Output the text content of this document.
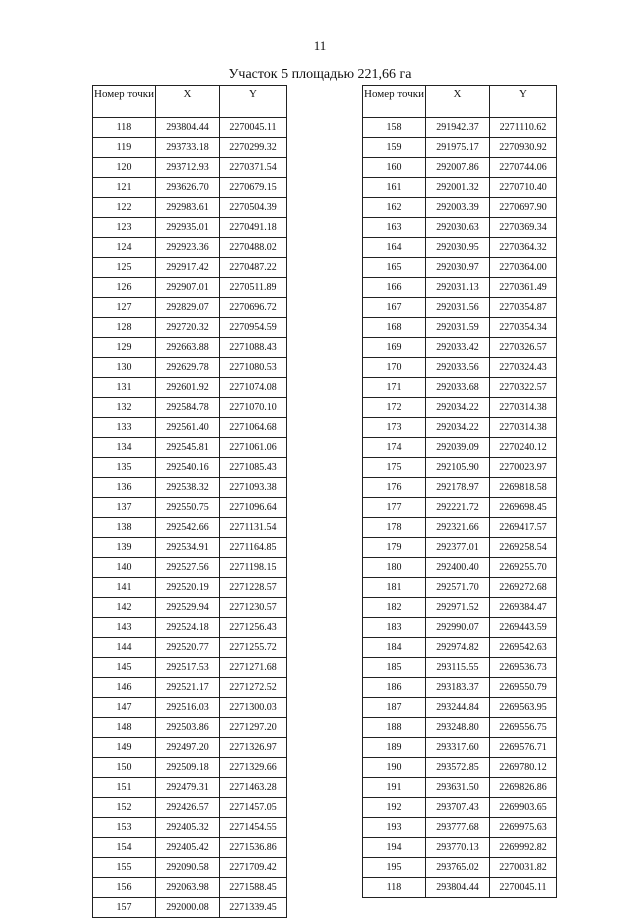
11
Участок 5 площадью 221,66 га
Номер точки	X	Y
118	293804.44	2270045.11
119	293733.18	2270299.32
120	293712.93	2270371.54
121	293626.70	2270679.15
122	292983.61	2270504.39
123	292935.01	2270491.18
124	292923.36	2270488.02
125	292917.42	2270487.22
126	292907.01	2270511.89
127	292829.07	2270696.72
128	292720.32	2270954.59
129	292663.88	2271088.43
130	292629.78	2271080.53
131	292601.92	2271074.08
132	292584.78	2271070.10
133	292561.40	2271064.68
134	292545.81	2271061.06
135	292540.16	2271085.43
136	292538.32	2271093.38
137	292550.75	2271096.64
138	292542.66	2271131.54
139	292534.91	2271164.85
140	292527.56	2271198.15
141	292520.19	2271228.57
142	292529.94	2271230.57
143	292524.18	2271256.43
144	292520.77	2271255.72
145	292517.53	2271271.68
146	292521.17	2271272.52
147	292516.03	2271300.03
148	292503.86	2271297.20
149	292497.20	2271326.97
150	292509.18	2271329.66
151	292479.31	2271463.28
152	292426.57	2271457.05
153	292405.32	2271454.55
154	292405.42	2271536.86
155	292090.58	2271709.42
156	292063.98	2271588.45
157	292000.08	2271339.45
Номер точки	X	Y
158	291942.37	2271110.62
159	291975.17	2270930.92
160	292007.86	2270744.06
161	292001.32	2270710.40
162	292003.39	2270697.90
163	292030.63	2270369.34
164	292030.95	2270364.32
165	292030.97	2270364.00
166	292031.13	2270361.49
167	292031.56	2270354.87
168	292031.59	2270354.34
169	292033.42	2270326.57
170	292033.56	2270324.43
171	292033.68	2270322.57
172	292034.22	2270314.38
173	292034.22	2270314.38
174	292039.09	2270240.12
175	292105.90	2270023.97
176	292178.97	2269818.58
177	292221.72	2269698.45
178	292321.66	2269417.57
179	292377.01	2269258.54
180	292400.40	2269255.70
181	292571.70	2269272.68
182	292971.52	2269384.47
183	292990.07	2269443.59
184	292974.82	2269542.63
185	293115.55	2269536.73
186	293183.37	2269550.79
187	293244.84	2269563.95
188	293248.80	2269556.75
189	293317.60	2269576.71
190	293572.85	2269780.12
191	293631.50	2269826.86
192	293707.43	2269903.65
193	293777.68	2269975.63
194	293770.13	2269992.82
195	293765.02	2270031.82
118	293804.44	2270045.11
